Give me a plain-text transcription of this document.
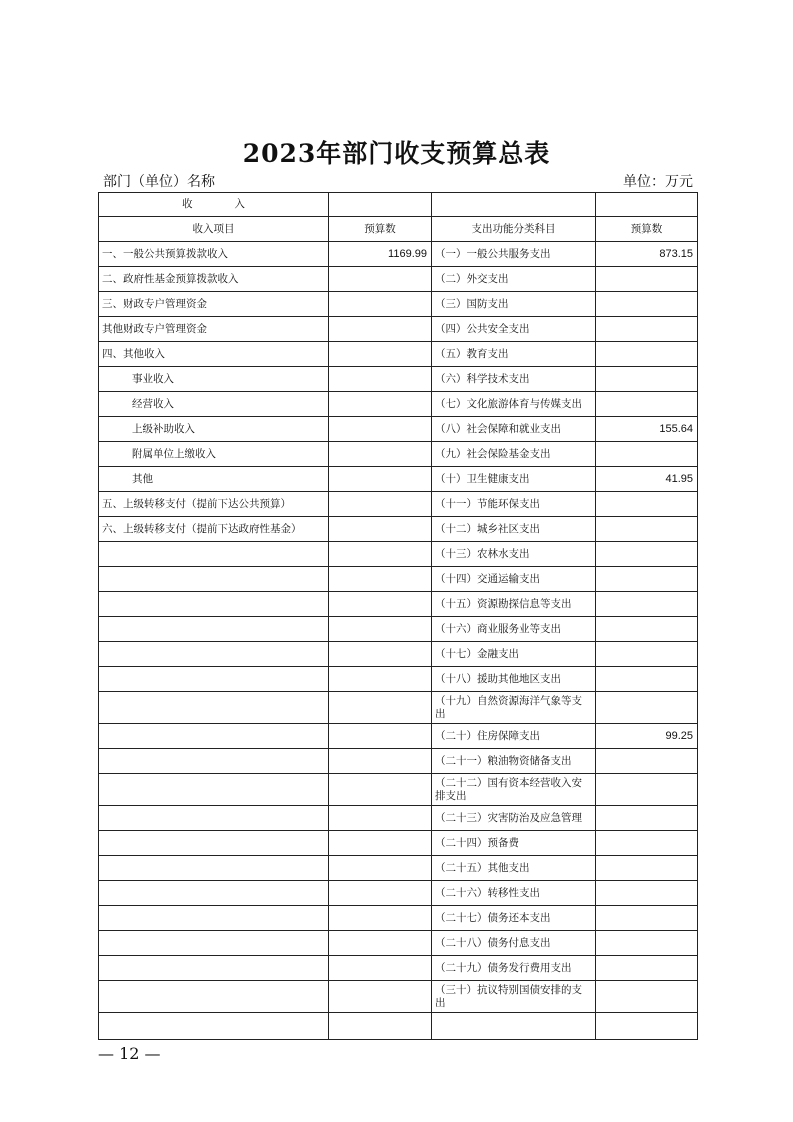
2023年部门收支预算总表
部门（单位）名称	单位：万元
收　　　　入			
收入项目	预算数	支出功能分类科目	预算数
一、一般公共预算拨款收入	1169.99	（一）一般公共服务支出	873.15
二、政府性基金预算拨款收入		（二）外交支出	
三、财政专户管理资金		（三）国防支出	
其他财政专户管理资金		（四）公共安全支出	
四、其他收入		（五）教育支出	
事业收入		（六）科学技术支出	
经营收入		（七）文化旅游体育与传媒支出	
上级补助收入		（八）社会保障和就业支出	155.64
附属单位上缴收入		（九）社会保险基金支出	
其他		（十）卫生健康支出	41.95
五、上级转移支付（提前下达公共预算）		（十一）节能环保支出	
六、上级转移支付（提前下达政府性基金）		（十二）城乡社区支出	
		（十三）农林水支出	
		（十四）交通运输支出	
		（十五）资源勘探信息等支出	
		（十六）商业服务业等支出	
		（十七）金融支出	
		（十八）援助其他地区支出	
		（十九）自然资源海洋气象等支出	
		（二十）住房保障支出	99.25
		（二十一）粮油物资储备支出	
		（二十二）国有资本经营收入安排支出	
		（二十三）灾害防治及应急管理	
		（二十四）预备费	
		（二十五）其他支出	
		（二十六）转移性支出	
		（二十七）债务还本支出	
		（二十八）债务付息支出	
		（二十九）债务发行费用支出	
		（三十）抗议特别国债安排的支出	

— 12 —
